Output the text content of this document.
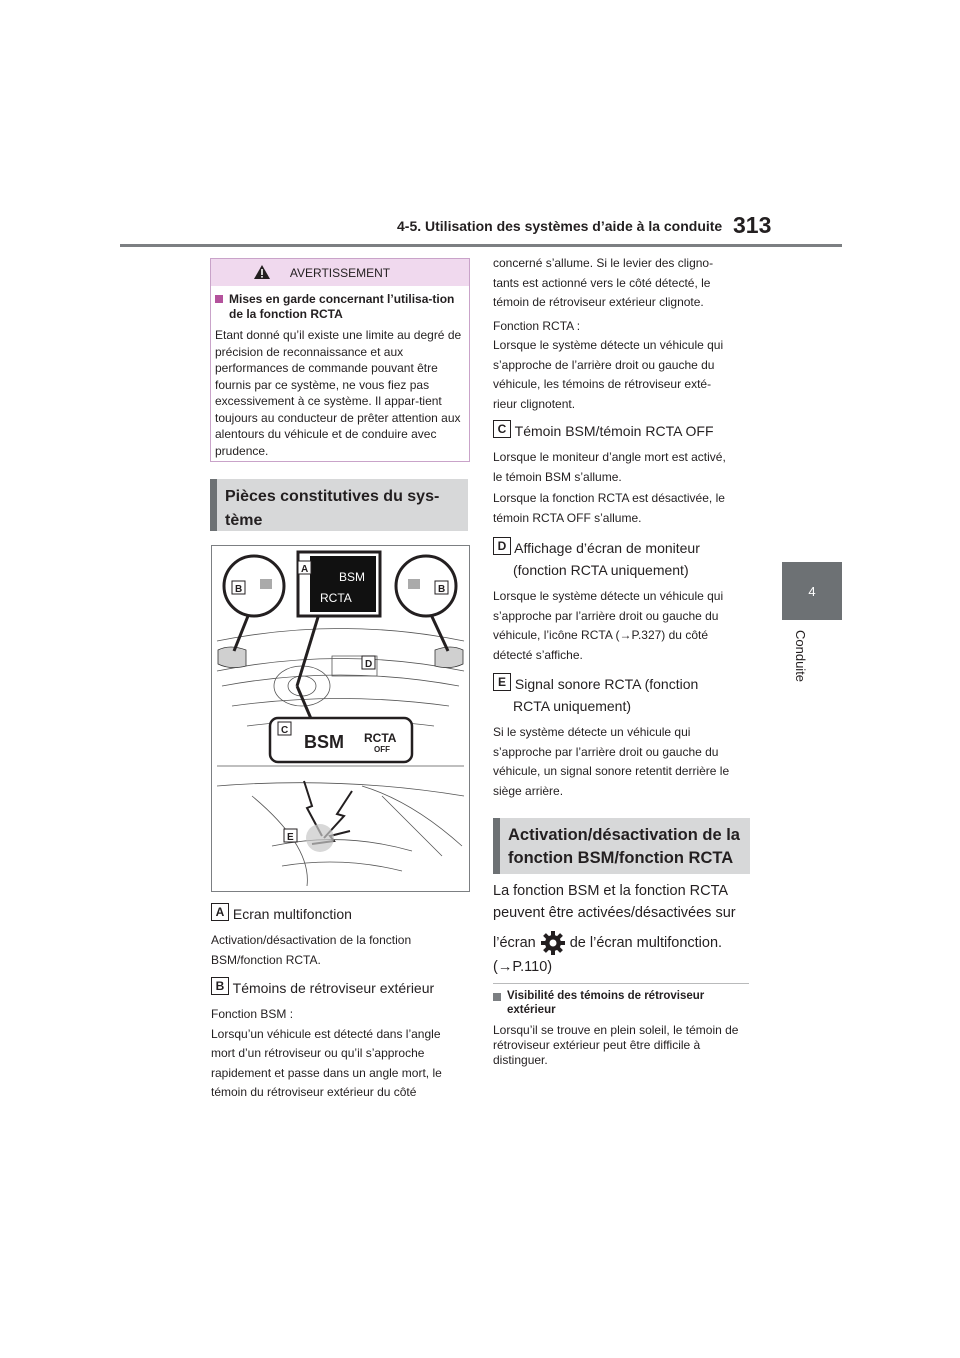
4-5. Utilisation des systèmes d’aide à la conduite 313
4
Conduite
AVERTISSEMENT
Mises en garde concernant l’utilisa-tion de la fonction RCTA
Etant donné qu’il existe une limite au degré de précision de reconnaissance et aux performances de commande pouvant être fournis par ce système, ne vous fiez pas excessivement à ce système. Il appar-tient toujours au conducteur de prêter attention aux alentours du véhicule et de conduire avec prudence.
Pièces constitutives du sys-
tème
BSM
RCTA
BSM RCTA
OFF
B	B
A
D
C
E
A Ecran multifonction
Activation/désactivation de la fonction BSM/fonction RCTA.
B Témoins de rétroviseur extérieur

Fonction BSM :

Lorsqu’un véhicule est détecté dans l’angle

mort d’un rétroviseur ou qu’il s’approche

rapidement et passe dans un angle mort, le

témoin du rétroviseur extérieur du côté

concerné s’allume. Si le levier des cligno-

tants est actionné vers le côté détecté, le

témoin de rétroviseur extérieur clignote.

Fonction RCTA :

Lorsque le système détecte un véhicule qui

s’approche de l’arrière droit ou gauche du

véhicule, les témoins de rétroviseur exté-

rieur clignotent.

C Témoin BSM/témoin RCTA OFF

Lorsque le moniteur d’angle mort est activé,

le témoin BSM s’allume.

Lorsque la fonction RCTA est désactivée, le

témoin RCTA OFF s’allume.

D Affichage d’écran de moniteur
(fonction RCTA uniquement)

Lorsque le système détecte un véhicule qui

s’approche par l’arrière droit ou gauche du

véhicule, l’icône RCTA (→P.327) du côté

détecté s’affiche.

E Signal sonore RCTA (fonction
RCTA uniquement)

Si le système détecte un véhicule qui

s’approche par l’arrière droit ou gauche du

véhicule, un signal sonore retentit derrière le

siège arrière.

Activation/désactivation de la
fonction BSM/fonction RCTA
La fonction BSM et la fonction RCTA
peuvent être activées/désactivées sur
l’écran de l’écran multifonction.
(→P.110)
Visibilité des témoins de rétroviseur extérieur
Lorsqu’il se trouve en plein soleil, le témoin de rétroviseur extérieur peut être difficile à distinguer.
